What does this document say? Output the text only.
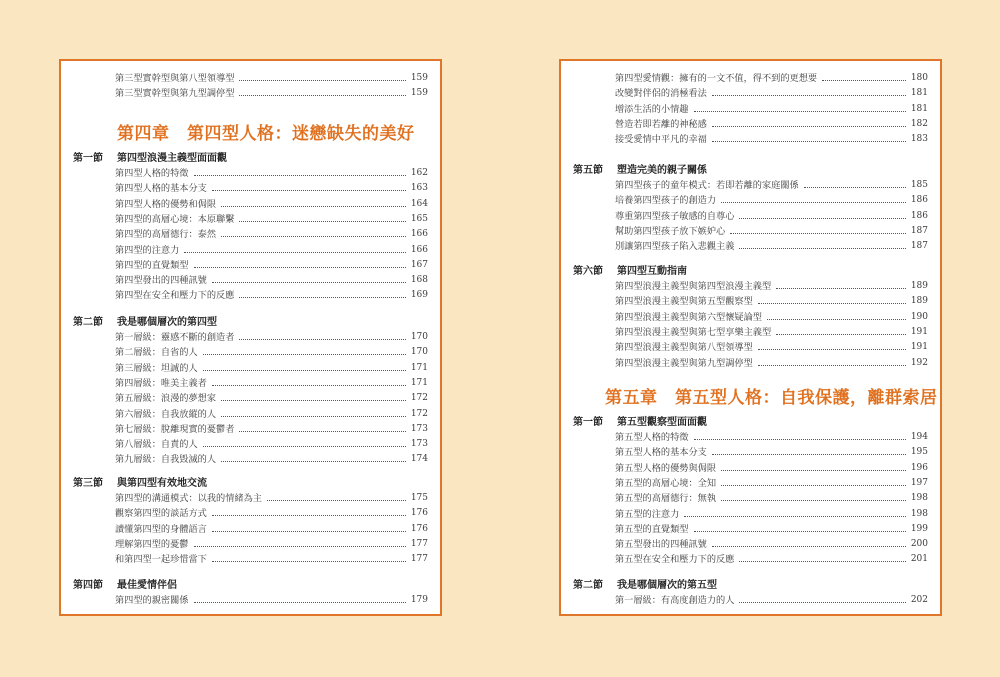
第三型實幹型與第八型領導型	159
第三型實幹型與第九型調停型	159
第四章　第四型人格：迷戀缺失的美好
第一節 第四型浪漫主義型面面觀
第四型人格的特徵	162
第四型人格的基本分支	163
第四型人格的優勢和侷限	164
第四型的高層心境：本原聯繫	165
第四型的高層德行：泰然	166
第四型的注意力	166
第四型的直覺類型	167
第四型發出的四種訊號	168
第四型在安全和壓力下的反應	169
第二節 我是哪個層次的第四型
第一層級：靈感不斷的創造者	170
第二層級：自省的人	170
第三層級：坦誠的人	171
第四層級：唯美主義者	171
第五層級：浪漫的夢想家	172
第六層級：自我放縱的人	172
第七層級：脫離現實的憂鬱者	173
第八層級：自責的人	173
第九層級：自我毀滅的人	174
第三節 與第四型有效地交流
第四型的溝通模式：以我的情緒為主	175
觀察第四型的談話方式	176
讀懂第四型的身體語言	176
理解第四型的憂鬱	177
和第四型一起珍惜當下	177
第四節 最佳愛情伴侶
第四型的親密關係	179
第四型愛情觀：擁有的一文不值，得不到的更想要	180
改變對伴侶的消極看法	181
增添生活的小情趣	181
營造若即若離的神秘感	182
接受愛情中平凡的幸福	183
第五節 塑造完美的親子關係
第四型孩子的童年模式：若即若離的家庭關係	185
培養第四型孩子的創造力	186
尊重第四型孩子敏感的自尊心	186
幫助第四型孩子放下嫉妒心	187
別讓第四型孩子陷入悲觀主義	187
第六節 第四型互動指南
第四型浪漫主義型與第四型浪漫主義型	189
第四型浪漫主義型與第五型觀察型	189
第四型浪漫主義型與第六型懷疑論型	190
第四型浪漫主義型與第七型享樂主義型	191
第四型浪漫主義型與第八型領導型	191
第四型浪漫主義型與第九型調停型	192
第五章　第五型人格：自我保護，離群索居
第一節 第五型觀察型面面觀
第五型人格的特徵	194
第五型人格的基本分支	195
第五型人格的優勢與侷限	196
第五型的高層心境：全知	197
第五型的高層德行：無執	198
第五型的注意力	198
第五型的直覺類型	199
第五型發出的四種訊號	200
第五型在安全和壓力下的反應	201
第二節 我是哪個層次的第五型
第一層級：有高度創造力的人	202
